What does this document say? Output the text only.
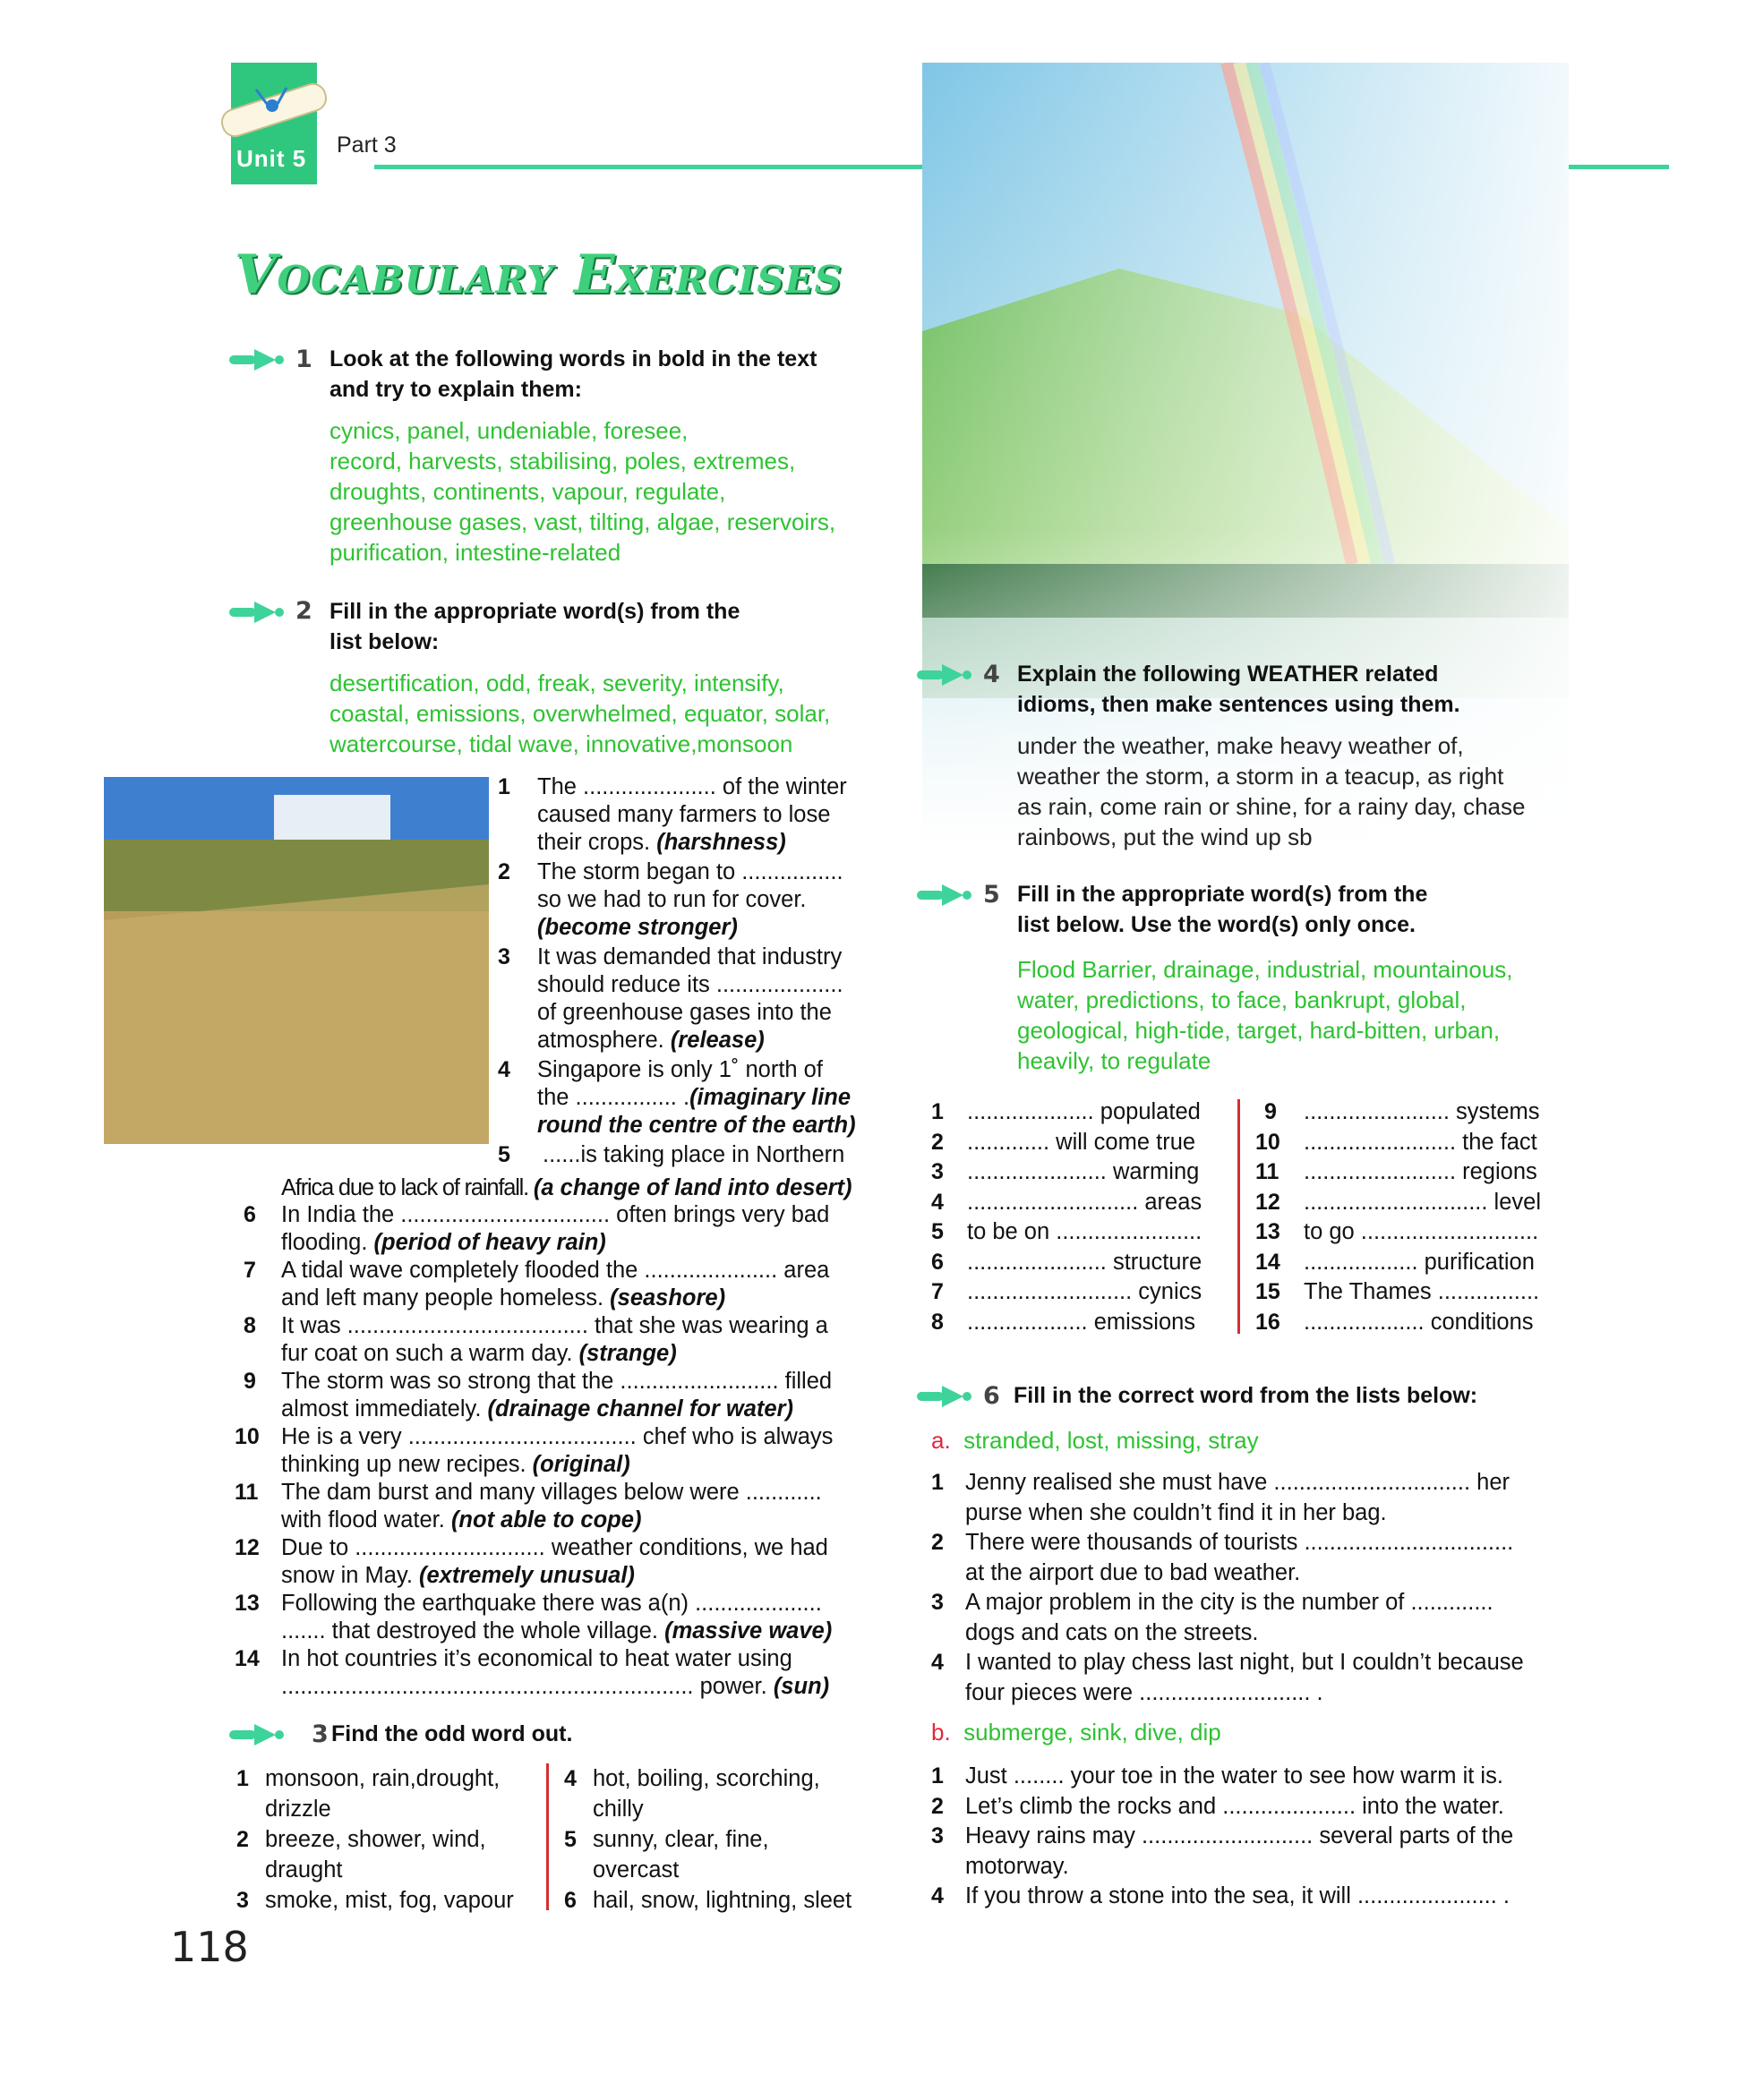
Unit 5 Part 3
Vocabulary Exercises
1 Look at the following words in bold in the text
and try to explain them:
cynics, panel, undeniable, foresee,
record, harvests, stabilising, poles, extremes,
droughts, continents, vapour, regulate,
greenhouse gases, vast, tilting, algae, reservoirs,
purification, intestine-related
2 Fill in the appropriate word(s) from the
list below:
desertification, odd, freak, severity, intensify,
coastal, emissions, overwhelmed, equator, solar,
watercourse, tidal wave, innovative,monsoon
1 The ..................... of the winter
caused many farmers to lose
their crops. (harshness)
2 The storm began to ................
so we had to run for cover.
(become stronger)
3 It was demanded that industry
should reduce its ....................
of greenhouse gases into the
atmosphere. (release)
4 Singapore is only 1˚ north of
the ................ .(imaginary line
round the centre of the earth)
5 ......is taking place in Northern
Africa due to lack of rainfall. (a change of land into desert)
6 In India the ................................. often brings very bad
flooding. (period of heavy rain)
7 A tidal wave completely flooded the ..................... area
and left many people homeless. (seashore)
8 It was ...................................... that she was wearing a
fur coat on such a warm day. (strange)
9 The storm was so strong that the ......................... filled
almost immediately. (drainage channel for water)
10 He is a very .................................... chef who is always
thinking up new recipes. (original)
11 The dam burst and many villages below were ............
with flood water. (not able to cope)
12 Due to .............................. weather conditions, we had
snow in May. (extremely unusual)
13 Following the earthquake there was a(n) ....................
....... that destroyed the whole village. (massive wave)
14 In hot countries it’s economical to heat water using
................................................................. power. (sun)
3 Find the odd word out.
1 monsoon, rain,drought,
drizzle
2 breeze, shower, wind,
draught
3 smoke, mist, fog, vapour
4 hot, boiling, scorching,
chilly
5 sunny, clear, fine,
overcast
6 hail, snow, lightning, sleet
118
4 Explain the following WEATHER related
idioms, then make sentences using them.
under the weather, make heavy weather of,
weather the storm, a storm in a teacup, as right
as rain, come rain or shine, for a rainy day, chase
rainbows, put the wind up sb
5 Fill in the appropriate word(s) from the
list below. Use the word(s) only once.
Flood Barrier, drainage, industrial, mountainous,
water, predictions, to face, bankrupt, global,
geological, high-tide, target, hard-bitten, urban,
heavily, to regulate
1 .................... populated
2 ............. will come true
3 ...................... warming
4 ........................... areas
5 to be on .......................
6 ...................... structure
7 .......................... cynics
8 ................... emissions
9 ....................... systems
10 ........................ the fact
11 ........................ regions
12 ............................. level
13 to go ............................
14 .................. purification
15 The Thames ................
16 ................... conditions
6 Fill in the correct word from the lists below:
a. stranded, lost, missing, stray
1 Jenny realised she must have ............................... her
purse when she couldn’t find it in her bag.
2 There were thousands of tourists .................................
at the airport due to bad weather.
3 A major problem in the city is the number of .............
dogs and cats on the streets.
4 I wanted to play chess last night, but I couldn’t because
four pieces were ........................... .
b. submerge, sink, dive, dip
1 Just ........ your toe in the water to see how warm it is.
2 Let’s climb the rocks and ..................... into the water.
3 Heavy rains may ........................... several parts of the
motorway.
4 If you throw a stone into the sea, it will ...................... .
